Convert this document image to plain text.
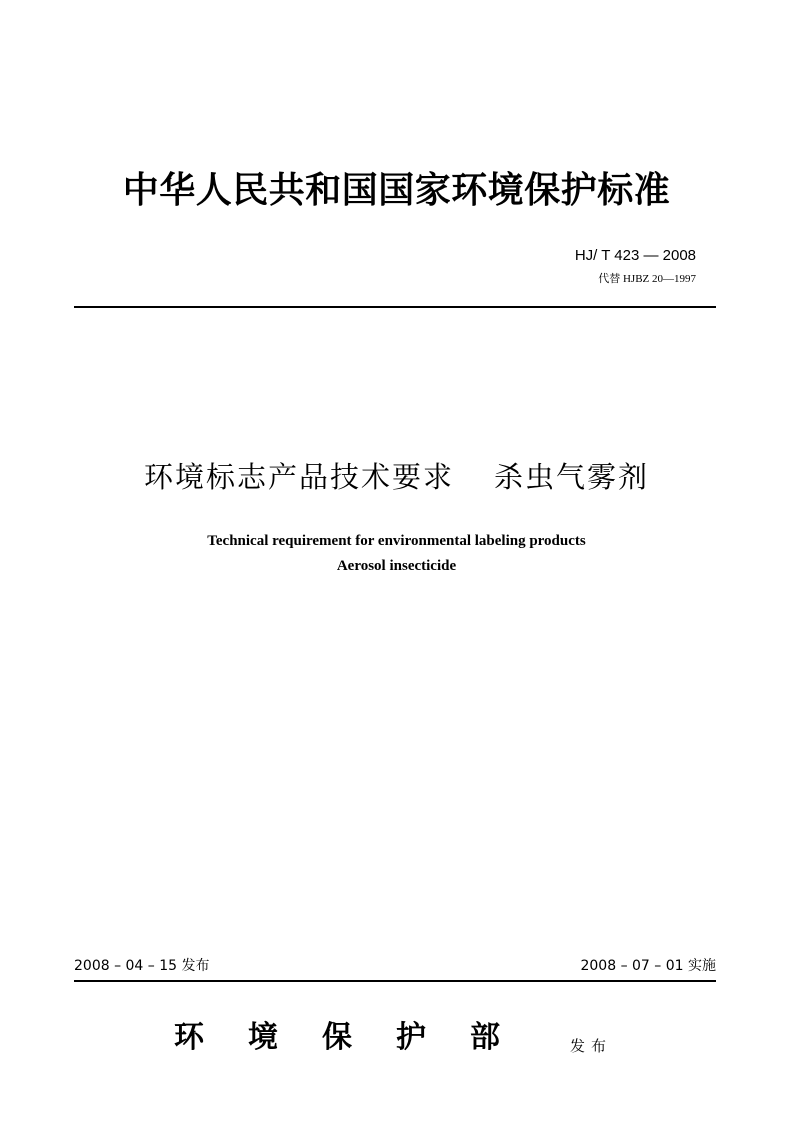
中华人民共和国国家环境保护标准
HJ/ T 423 — 2008
代替 HJBZ 20—1997
环境标志产品技术要求 杀虫气雾剂
Technical requirement for environmental labeling products
Aerosol insecticide
2008 – 04 – 15 发布	2008 – 07 – 01 实施
环境保护部 发布
